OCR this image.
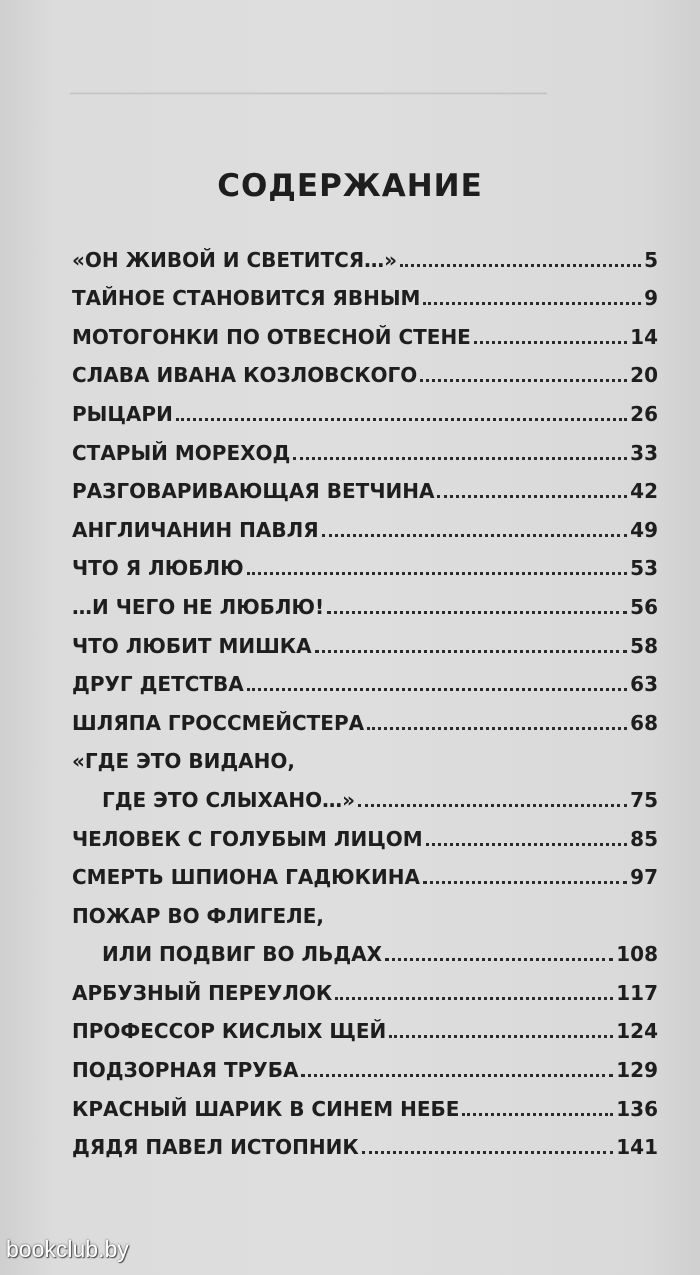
────────────────────────────────────
СОДЕРЖАНИЕ
«ОН ЖИВОЙ И СВЕТИТСЯ…»	5
ТАЙНОЕ СТАНОВИТСЯ ЯВНЫМ	9
МОТОГОНКИ ПО ОТВЕСНОЙ СТЕНЕ	14
СЛАВА ИВАНА КОЗЛОВСКОГО	20
РЫЦАРИ	26
СТАРЫЙ МОРЕХОД	33
РАЗГОВАРИВАЮЩАЯ ВЕТЧИНА	42
АНГЛИЧАНИН ПАВЛЯ	49
ЧТО Я ЛЮБЛЮ	53
…И ЧЕГО НЕ ЛЮБЛЮ!	56
ЧТО ЛЮБИТ МИШКА	58
ДРУГ ДЕТСТВА	63
ШЛЯПА ГРОССМЕЙСТЕРА	68
«ГДЕ ЭТО ВИДАНО,
ГДЕ ЭТО СЛЫХАНО…»	75
ЧЕЛОВЕК С ГОЛУБЫМ ЛИЦОМ	85
СМЕРТЬ ШПИОНА ГАДЮКИНА	97
ПОЖАР ВО ФЛИГЕЛЕ,
ИЛИ ПОДВИГ ВО ЛЬДАХ	108
АРБУЗНЫЙ ПЕРЕУЛОК	117
ПРОФЕССОР КИСЛЫХ ЩЕЙ	124
ПОДЗОРНАЯ ТРУБА	129
КРАСНЫЙ ШАРИК В СИНЕМ НЕБЕ	136
ДЯДЯ ПАВЕЛ ИСТОПНИК	141
bookclub.by
